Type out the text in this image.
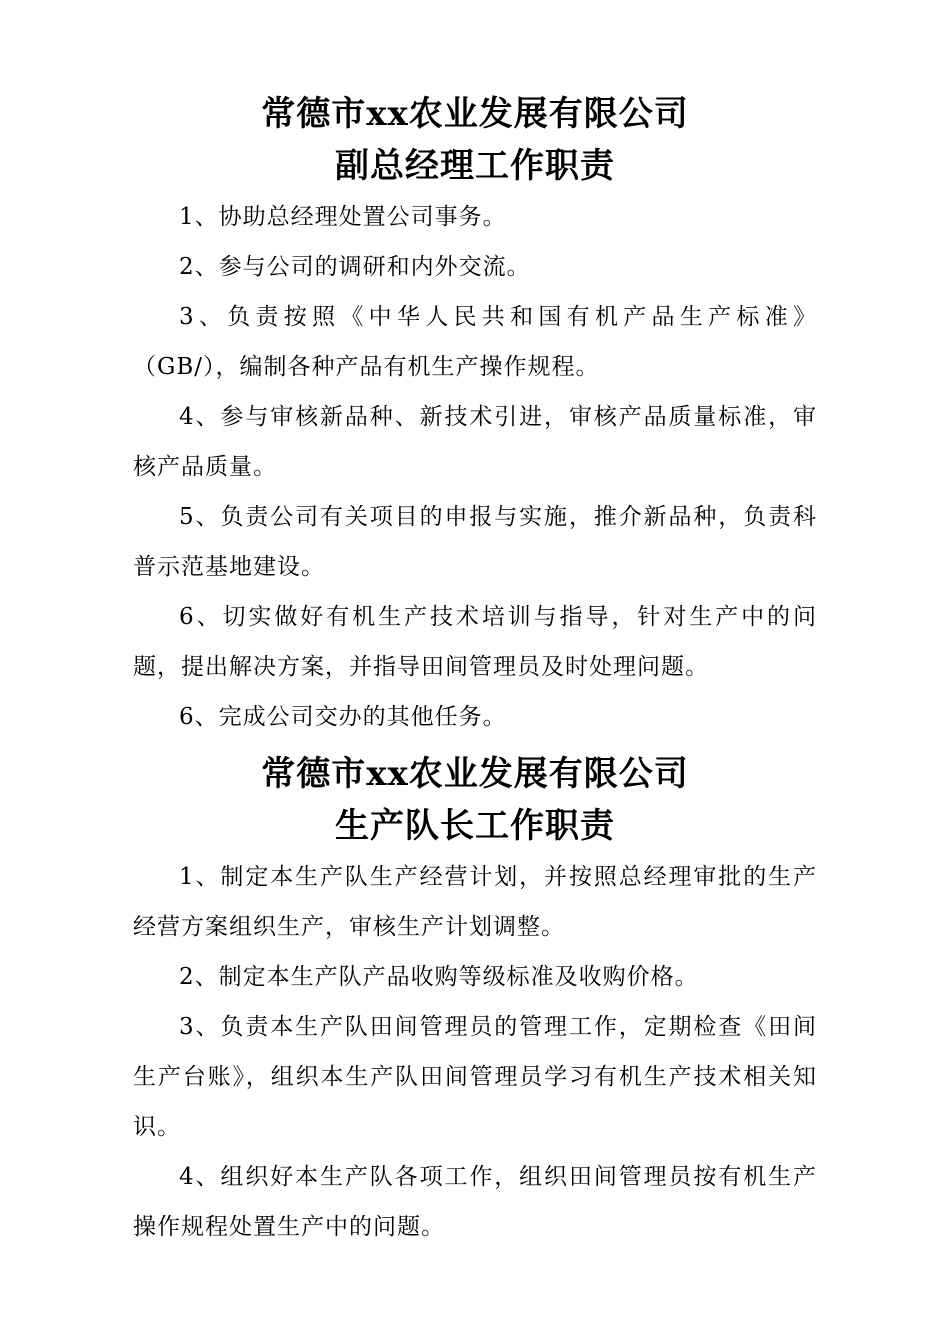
常德市xx农业发展有限公司
副总经理工作职责

1、协助总经理处置公司事务。

2、参与公司的调研和内外交流。

3、负责按照《中华人民共和国有机产品生产标准》（GB/），编制各种产品有机生产操作规程。

4、参与审核新品种、新技术引进，审核产品质量标准，审核产品质量。

5、负责公司有关项目的申报与实施，推介新品种，负责科普示范基地建设。

6、切实做好有机生产技术培训与指导，针对生产中的问题，提出解决方案，并指导田间管理员及时处理问题。

6、完成公司交办的其他任务。

常德市xx农业发展有限公司
生产队长工作职责

1、制定本生产队生产经营计划，并按照总经理审批的生产经营方案组织生产，审核生产计划调整。

2、制定本生产队产品收购等级标准及收购价格。

3、负责本生产队田间管理员的管理工作，定期检查《田间生产台账》，组织本生产队田间管理员学习有机生产技术相关知识。

4、组织好本生产队各项工作，组织田间管理员按有机生产操作规程处置生产中的问题。
